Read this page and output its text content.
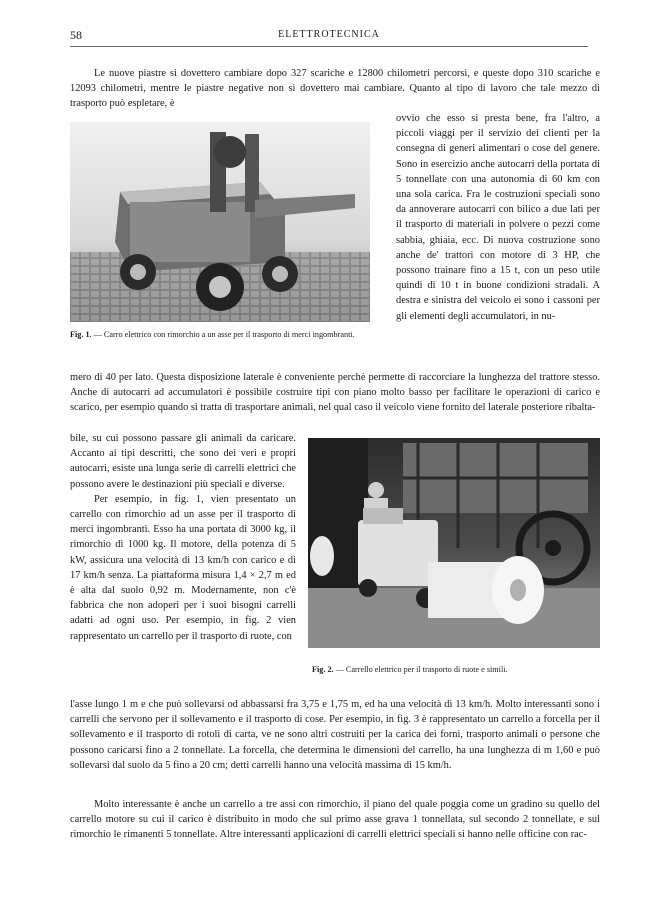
58	ELETTROTECNICA

Le nuove piastre si dovettero cambiare dopo 327 scariche e 12800 chilometri percorsi, e queste dopo 310 scariche e 12093 chilometri, mentre le piastre negative non si dovettero mai cambiare. Quanto al tipo di lavoro che tale mezzo di trasporto può espletare, è

Fig. 1. — Carro elettrico con rimorchio a un asse per il trasporto di merci ingombranti.

ovvio che esso si presta bene, fra l'altro, a piccoli viaggi per il servizio dei clienti per la consegna di generi alimentari o cose del genere. Sono in esercizio anche autocarri della portata di 5 tonnellate con una autonomia di 60 km con una sola carica. Fra le costruzioni speciali sono da annoverare autocarri con bilico a due lati per il trasporto di materiali in polvere o pezzi come sabbia, ghiaia, ecc. Di nuova costruzione sono anche de' trattori con motore di 3 HP, che possono trainare fino a 15 t, con un peso utile quindi di 10 t in buone condizioni stradali. A destra e sinistra del veicolo ei sono i cassoni per gli elementi degli accumulatori, in nu-

mero di 40 per lato. Questa disposizione laterale è conveniente perchè permette di raccorciare la lunghezza del trattore stesso. Anche di autocarri ad accumulatori è possibile costruire tipi con piano molto basso per facilitare le operazioni di carico e scarico, per esempio quando si tratta di trasportare animali, nel qual caso il veicolo viene fornito del laterale posteriore ribalta-

bile, su cui possono passare gli animali da caricare. Accanto ai tipi descritti, che sono dei veri e propri autocarri, esiste una lunga serie di carrelli elettrici che possono avere le destinazioni più speciali e diverse.

Per esempio, in fig. 1, vien presentato un carrello con rimorchio ad un asse per il trasporto di merci ingombranti. Esso ha una portata di 3000 kg, il rimorchio di 1000 kg. Il motore, della potenza di 5 kW, assicura una velocità di 13 km/h con carico e di 17 km/h senza. La piattaforma misura 1,4 × 2,7 m ed è alta dal suolo 0,92 m. Modernamente, non c'è fabbrica che non adoperi per i suoi bisogni carrelli adatti ad ogni uso. Per esempio, in fig. 2 vien rappresentato un carrello per il trasporto di ruote, con

Fig. 2. — Carrello elettrico per il trasporto di ruote e simili.

l'asse lungo 1 m e che può sollevarsi od abbassarsi fra 3,75 e 1,75 m, ed ha una velocità di 13 km/h. Molto interessanti sono i carrelli che servono per il sollevamento e il trasporto di cose. Per esempio, in fig. 3 è rappresentato un carrello a forcella per il sollevamento e il trasporto di rotoli di carta, ve ne sono altri costruiti per la carica dei forni, trasporto animali o persone che possono caricarsi fino a 2 tonnellate. La forcella, che determina le dimensioni del carrello, ha una lunghezza di m 1,60 e può sollevarsi dal suolo da 5 fino a 20 cm; detti carrelli hanno una velocità massima di 15 km/h.

Molto interessante è anche un carrello a tre assi con rimorchio, il piano del quale poggia come un gradino su quello del carrello motore su cui il carico è distribuito in modo che sul primo asse grava 1 tonnellata, sul secondo 2 tonnellate, e sul rimorchio le rimanenti 5 tonnellate. Altre interessanti applicazioni di carrelli elettrici speciali si hanno nelle officine con rac-
